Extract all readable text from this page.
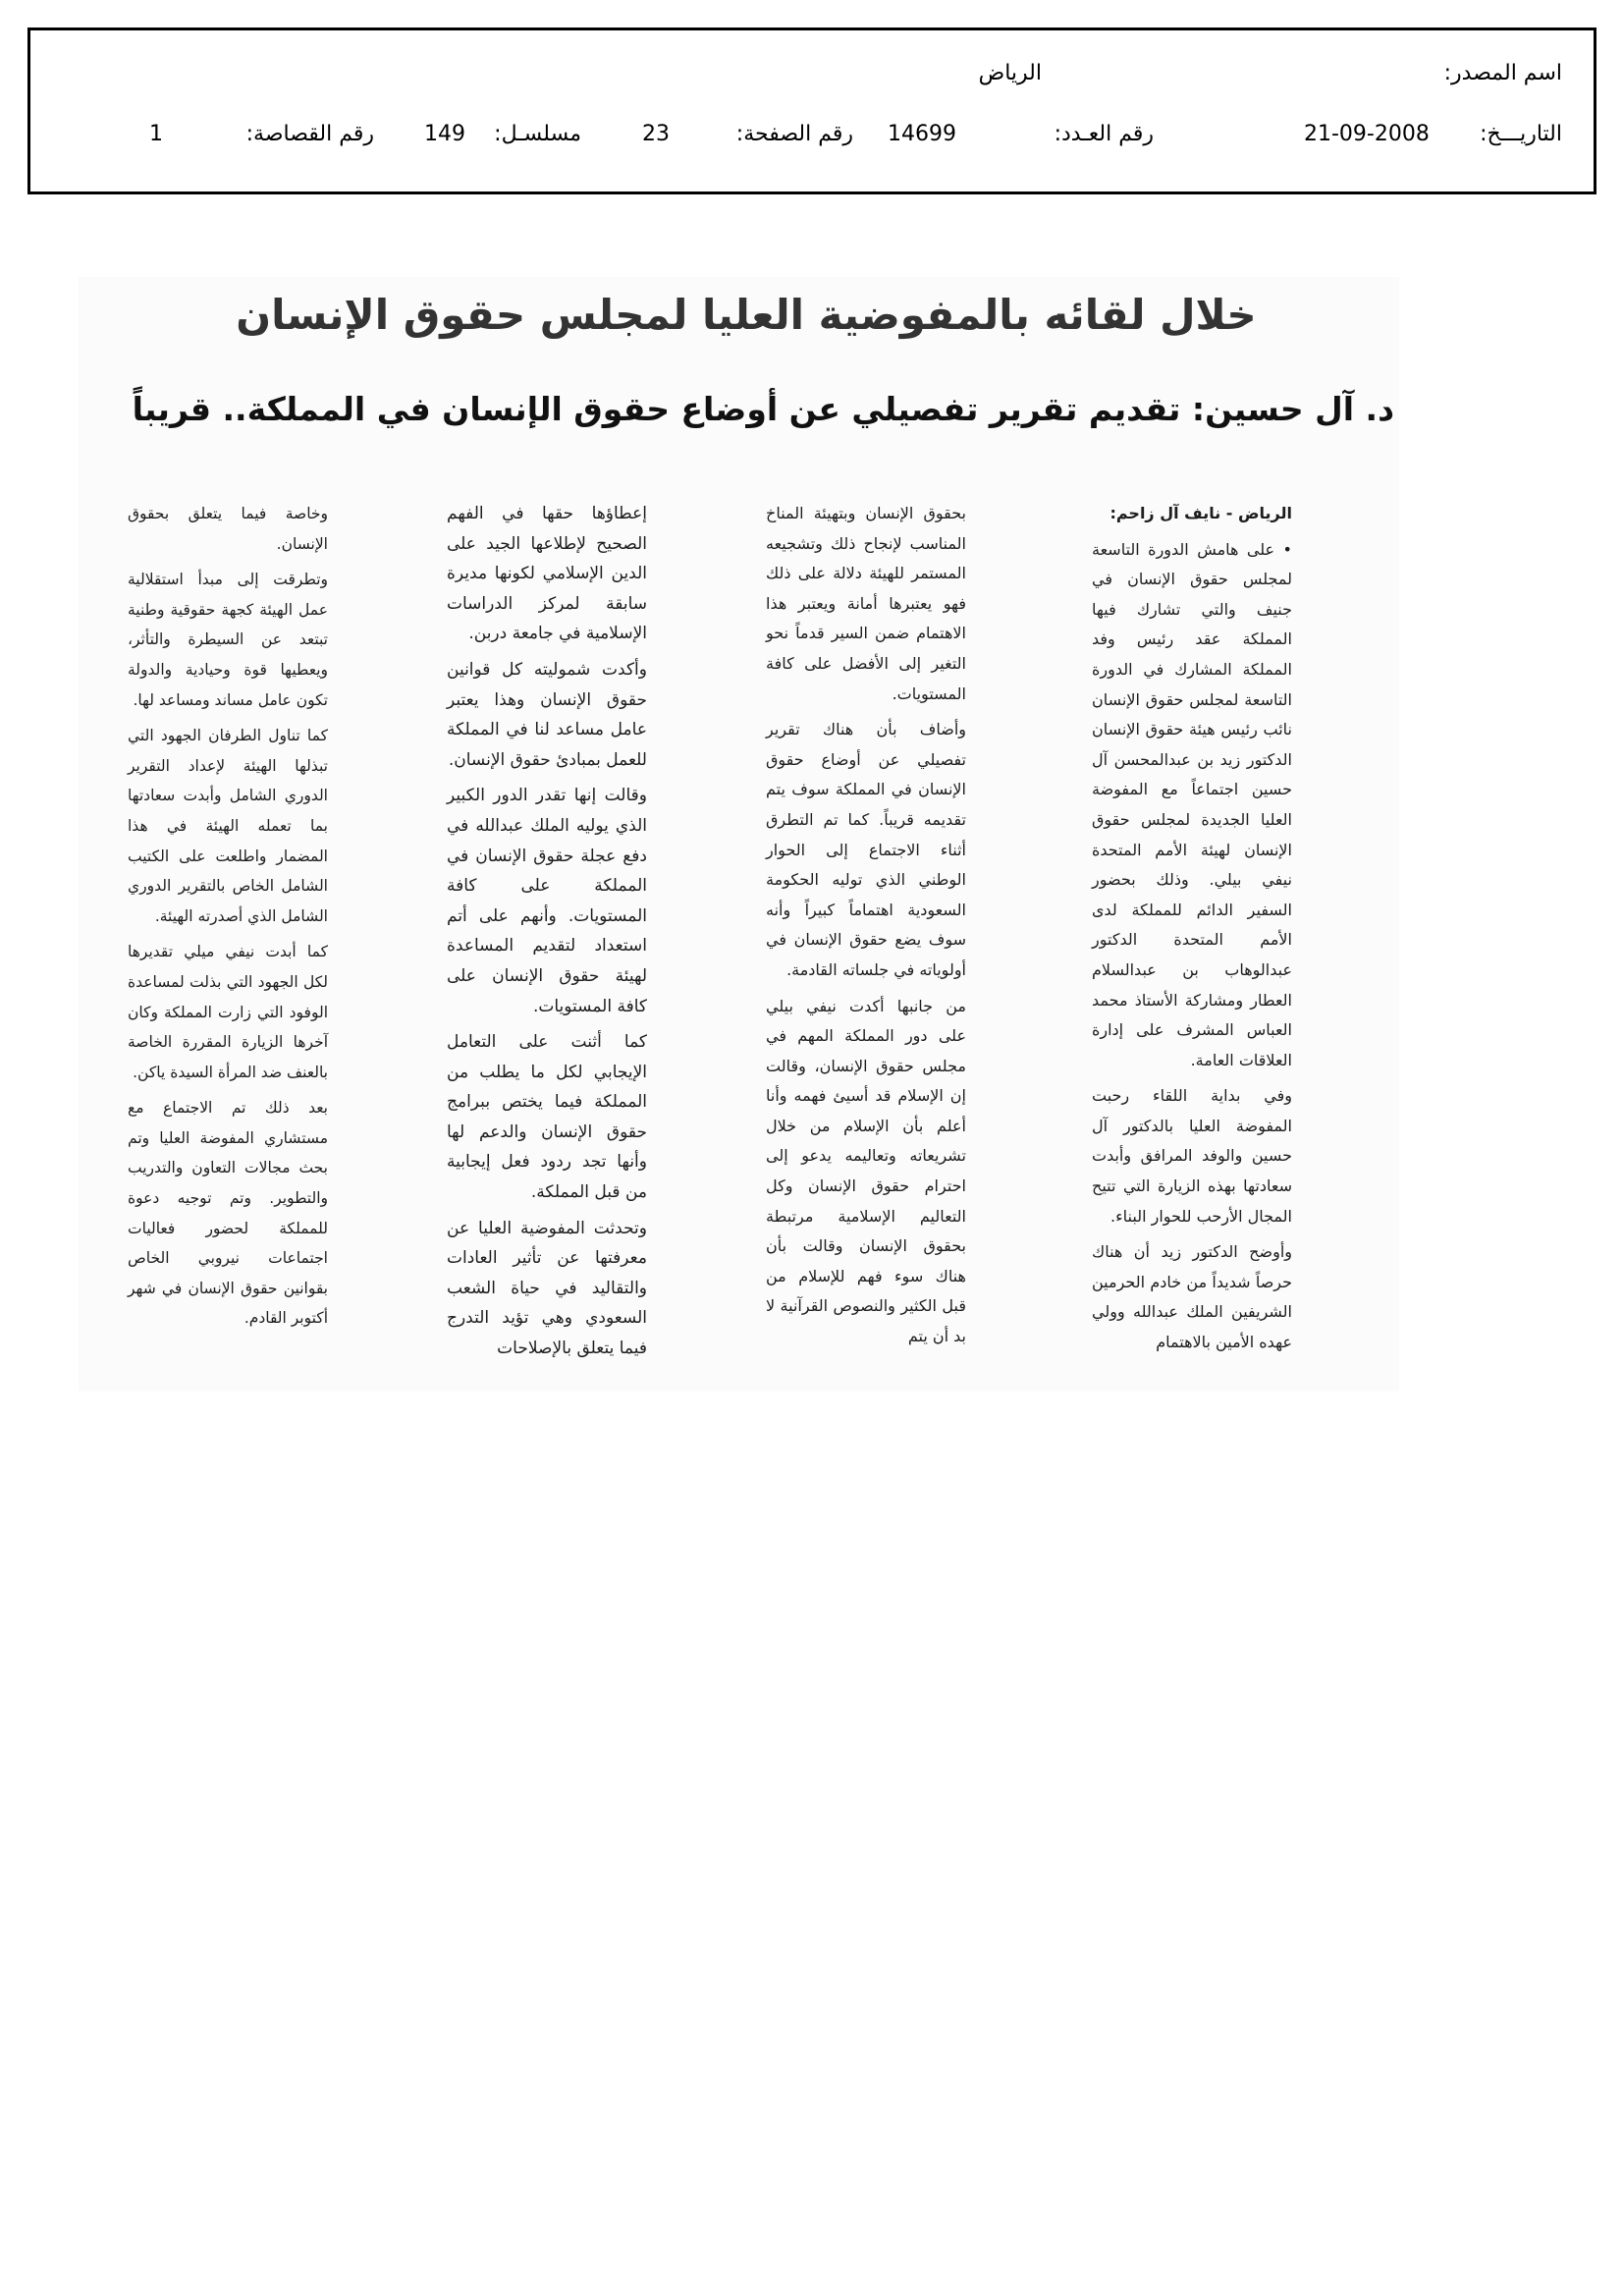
اسم المصدر:
الرياض
التاريـــخ:
21-09-2008
رقم العـدد:
14699
رقم الصفحة:
23
مسلسـل:
149
رقم القصاصة:
1
خلال لقائه بالمفوضية العليا لمجلس حقوق الإنسان
د. آل حسين: تقديم تقرير تفصيلي عن أوضاع حقوق الإنسان في المملكة.. قريباً

الرياض - نايف آل زاحم:

• على هامش الدورة التاسعة لمجلس حقوق الإنسان في جنيف والتي تشارك فيها المملكة عقد رئيس وفد المملكة المشارك في الدورة التاسعة لمجلس حقوق الإنسان نائب رئيس هيئة حقوق الإنسان الدكتور زيد بن عبدالمحسن آل حسين اجتماعاً مع المفوضة العليا الجديدة لمجلس حقوق الإنسان لهيئة الأمم المتحدة نيفي بيلي. وذلك بحضور السفير الدائم للمملكة لدى الأمم المتحدة الدكتور عبدالوهاب بن عبدالسلام العطار ومشاركة الأستاذ محمد العباس المشرف على إدارة العلاقات العامة.

وفي بداية اللقاء رحبت المفوضة العليا بالدكتور آل حسين والوفد المرافق وأبدت سعادتها بهذه الزيارة التي تتيح المجال الأرحب للحوار البناء.

وأوضح الدكتور زيد أن هناك حرصاً شديداً من خادم الحرمين الشريفين الملك عبدالله وولي عهده الأمين بالاهتمام

بحقوق الإنسان وبتهيئة المناخ المناسب لإنجاح ذلك وتشجيعه المستمر للهيئة دلالة على ذلك فهو يعتبرها أمانة ويعتبر هذا الاهتمام ضمن السير قدماً نحو التغير إلى الأفضل على كافة المستويات.

وأضاف بأن هناك تقرير تفصيلي عن أوضاع حقوق الإنسان في المملكة سوف يتم تقديمه قريباً. كما تم التطرق أثناء الاجتماع إلى الحوار الوطني الذي توليه الحكومة السعودية اهتماماً كبيراً وأنه سوف يضع حقوق الإنسان في أولوياته في جلساته القادمة.

من جانبها أكدت نيفي بيلي على دور المملكة المهم في مجلس حقوق الإنسان، وقالت إن الإسلام قد أسيئ فهمه وأنا أعلم بأن الإسلام من خلال تشريعاته وتعاليمه يدعو إلى احترام حقوق الإنسان وكل التعاليم الإسلامية مرتبطة بحقوق الإنسان وقالت بأن هناك سوء فهم للإسلام من قبل الكثير والنصوص القرآنية لا بد أن يتم

إعطاؤها حقها في الفهم الصحيح لإطلاعها الجيد على الدين الإسلامي لكونها مديرة سابقة لمركز الدراسات الإسلامية في جامعة دربن.

وأكدت شموليته كل قوانين حقوق الإنسان وهذا يعتبر عامل مساعد لنا في المملكة للعمل بمبادئ حقوق الإنسان.

وقالت إنها تقدر الدور الكبير الذي يوليه الملك عبدالله في دفع عجلة حقوق الإنسان في المملكة على كافة المستويات. وأنهم على أتم استعداد لتقديم المساعدة لهيئة حقوق الإنسان على كافة المستويات.

كما أثنت على التعامل الإيجابي لكل ما يطلب من المملكة فيما يختص ببرامج حقوق الإنسان والدعم لها وأنها تجد ردود فعل إيجابية من قبل المملكة.

وتحدثت المفوضية العليا عن معرفتها عن تأثير العادات والتقاليد في حياة الشعب السعودي وهي تؤيد التدرج فيما يتعلق بالإصلاحات

وخاصة فيما يتعلق بحقوق الإنسان.

وتطرقت إلى مبدأ استقلالية عمل الهيئة كجهة حقوقية وطنية تبتعد عن السيطرة والتأثر، ويعطيها قوة وحيادية والدولة تكون عامل مساند ومساعد لها.

كما تناول الطرفان الجهود التي تبذلها الهيئة لإعداد التقرير الدوري الشامل وأبدت سعادتها بما تعمله الهيئة في هذا المضمار واطلعت على الكتيب الشامل الخاص بالتقرير الدوري الشامل الذي أصدرته الهيئة.

كما أبدت نيفي ميلي تقديرها لكل الجهود التي بذلت لمساعدة الوفود التي زارت المملكة وكان آخرها الزيارة المقررة الخاصة بالعنف ضد المرأة السيدة ياكن.

بعد ذلك تم الاجتماع مع مستشاري المفوضة العليا وتم بحث مجالات التعاون والتدريب والتطوير. وتم توجيه دعوة للمملكة لحضور فعاليات اجتماعات نيروبي الخاص بقوانين حقوق الإنسان في شهر أكتوبر القادم.
